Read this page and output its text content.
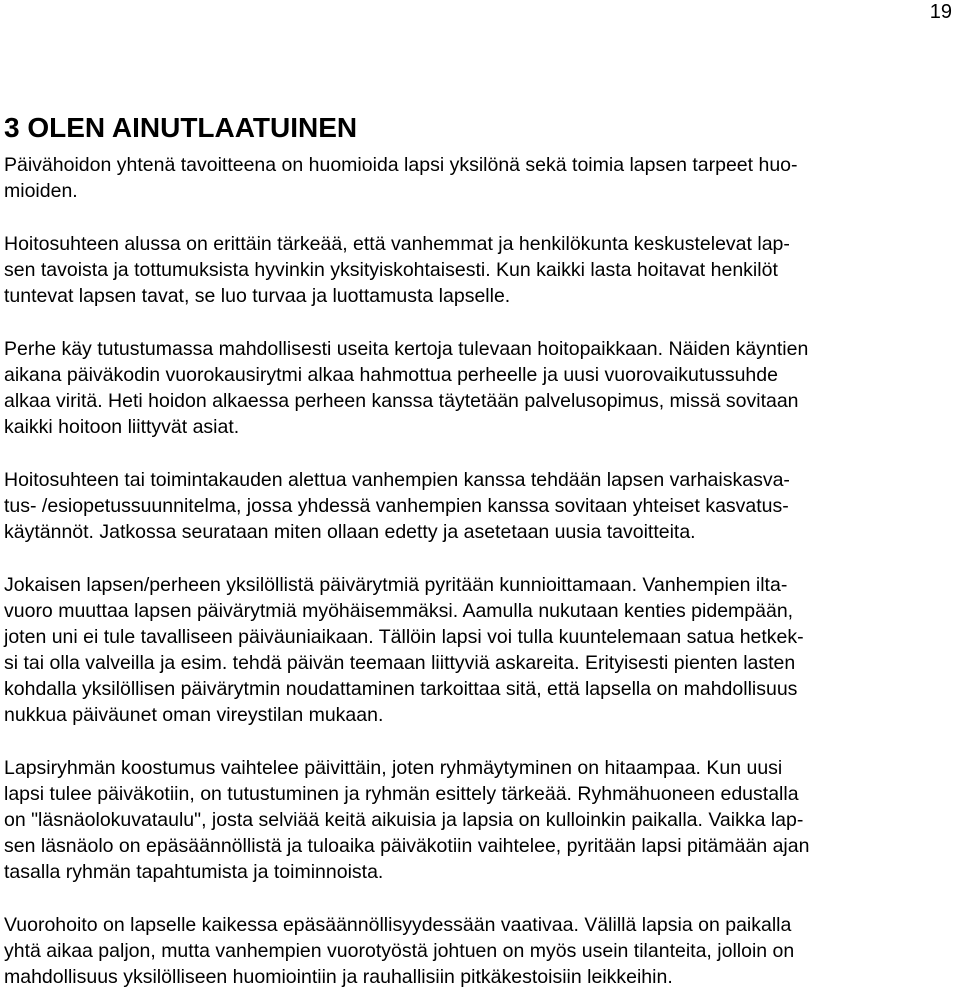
19
3 OLEN AINUTLAATUINEN

Päivähoidon yhtenä tavoitteena on huomioida lapsi yksilönä sekä toimia lapsen tarpeet huo-
mioiden.

Hoitosuhteen alussa on erittäin tärkeää, että vanhemmat ja henkilökunta keskustelevat lap-
sen tavoista ja tottumuksista hyvinkin yksityiskohtaisesti. Kun kaikki lasta hoitavat henkilöt
tuntevat lapsen tavat, se luo turvaa ja luottamusta lapselle.

Perhe käy tutustumassa mahdollisesti useita kertoja tulevaan hoitopaikkaan. Näiden käyntien
aikana päiväkodin vuorokausirytmi alkaa hahmottua perheelle ja uusi vuorovaikutussuhde
alkaa viritä. Heti hoidon alkaessa perheen kanssa täytetään palvelusopimus, missä sovitaan
kaikki hoitoon liittyvät asiat.

Hoitosuhteen tai toimintakauden alettua vanhempien kanssa tehdään lapsen varhaiskasva-
tus- /esiopetussuunnitelma, jossa yhdessä vanhempien kanssa sovitaan yhteiset kasvatus-
käytännöt. Jatkossa seurataan miten ollaan edetty ja asetetaan uusia tavoitteita.

Jokaisen lapsen/perheen yksilöllistä päivärytmiä pyritään kunnioittamaan. Vanhempien ilta-
vuoro muuttaa lapsen päivärytmiä myöhäisemmäksi. Aamulla nukutaan kenties pidempään,
joten uni ei tule tavalliseen päiväuniaikaan. Tällöin lapsi voi tulla kuuntelemaan satua hetkek-
si tai olla valveilla ja esim. tehdä päivän teemaan liittyviä askareita. Erityisesti pienten lasten
kohdalla yksilöllisen päivärytmin noudattaminen tarkoittaa sitä, että lapsella on mahdollisuus
nukkua päiväunet oman vireystilan mukaan.

Lapsiryhmän koostumus vaihtelee päivittäin, joten ryhmäytyminen on hitaampaa. Kun uusi
lapsi tulee päiväkotiin, on tutustuminen ja ryhmän esittely tärkeää. Ryhmähuoneen edustalla
on "läsnäolokuvataulu", josta selviää keitä aikuisia ja lapsia on kulloinkin paikalla. Vaikka lap-
sen läsnäolo on epäsäännöllistä ja tuloaika päiväkotiin vaihtelee, pyritään lapsi pitämään ajan
tasalla ryhmän tapahtumista ja toiminnoista.

Vuorohoito on lapselle kaikessa epäsäännöllisyydessään vaativaa. Välillä lapsia on paikalla
yhtä aikaa paljon, mutta vanhempien vuorotyöstä johtuen on myös usein tilanteita, jolloin on
mahdollisuus yksilölliseen huomiointiin ja rauhallisiin pitkäkestoisiin leikkeihin.
